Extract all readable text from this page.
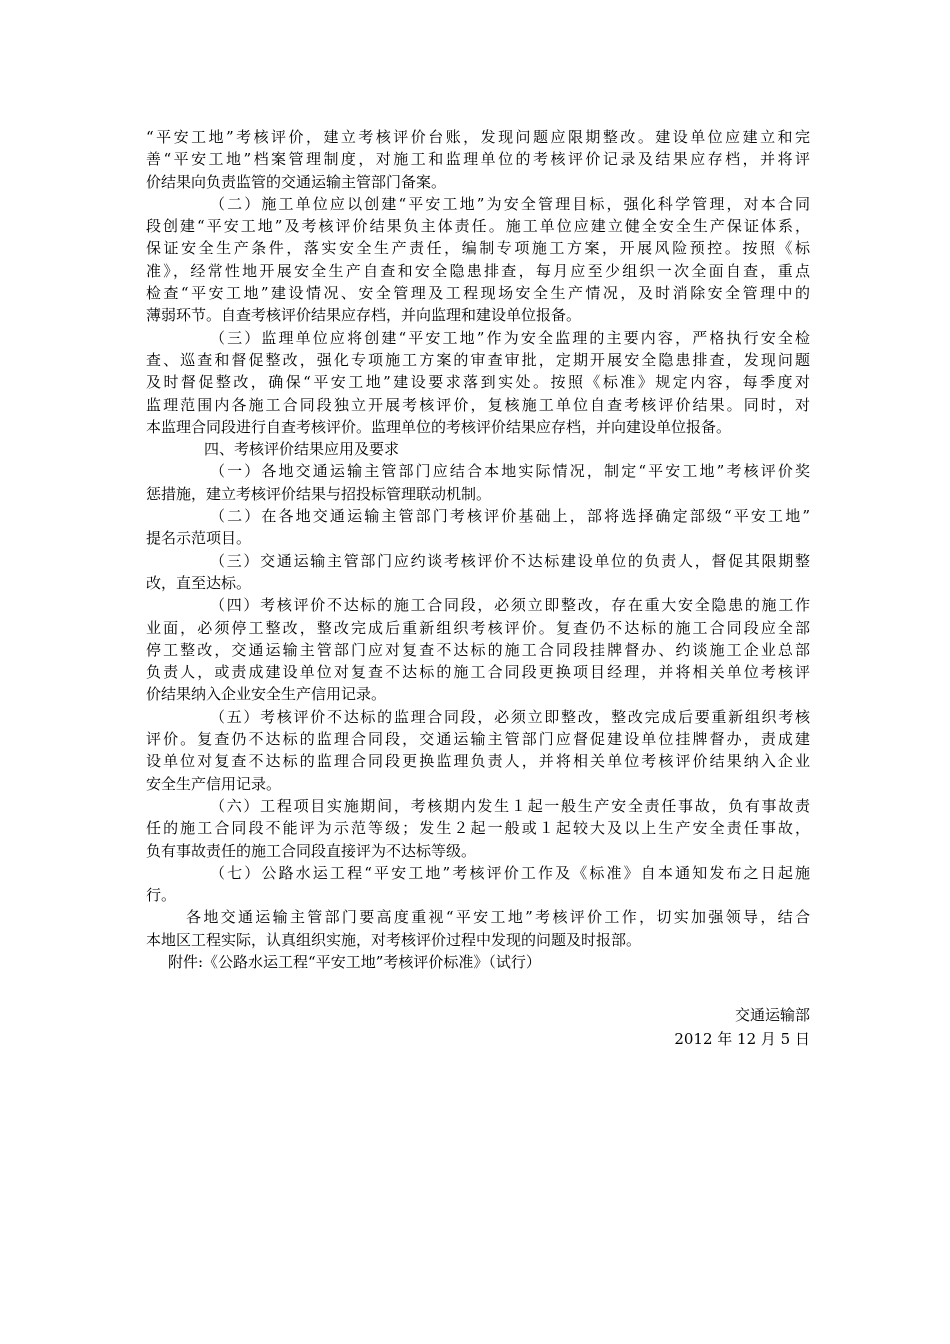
“平安工地”考核评价，建立考核评价台账，发现问题应限期整改。建设单位应建立和完
善“平安工地”档案管理制度，对施工和监理单位的考核评价记录及结果应存档，并将评
价结果向负责监管的交通运输主管部门备案。
（二）施工单位应以创建“平安工地”为安全管理目标，强化科学管理，对本合同
段创建“平安工地”及考核评价结果负主体责任。施工单位应建立健全安全生产保证体系，
保证安全生产条件，落实安全生产责任，编制专项施工方案，开展风险预控。按照《标
准》，经常性地开展安全生产自查和安全隐患排查，每月应至少组织一次全面自查，重点
检查“平安工地”建设情况、安全管理及工程现场安全生产情况，及时消除安全管理中的
薄弱环节。自查考核评价结果应存档，并向监理和建设单位报备。
（三）监理单位应将创建“平安工地”作为安全监理的主要内容，严格执行安全检
查、巡查和督促整改，强化专项施工方案的审查审批，定期开展安全隐患排查，发现问题
及时督促整改，确保“平安工地”建设要求落到实处。按照《标准》规定内容，每季度对
监理范围内各施工合同段独立开展考核评价，复核施工单位自查考核评价结果。同时，对
本监理合同段进行自查考核评价。监理单位的考核评价结果应存档，并向建设单位报备。
四、考核评价结果应用及要求
（一）各地交通运输主管部门应结合本地实际情况，制定“平安工地”考核评价奖
惩措施，建立考核评价结果与招投标管理联动机制。
（二）在各地交通运输主管部门考核评价基础上，部将选择确定部级“平安工地”
提名示范项目。
（三）交通运输主管部门应约谈考核评价不达标建设单位的负责人，督促其限期整
改，直至达标。
（四）考核评价不达标的施工合同段，必须立即整改，存在重大安全隐患的施工作
业面，必须停工整改，整改完成后重新组织考核评价。复查仍不达标的施工合同段应全部
停工整改，交通运输主管部门应对复查不达标的施工合同段挂牌督办、约谈施工企业总部
负责人，或责成建设单位对复查不达标的施工合同段更换项目经理，并将相关单位考核评
价结果纳入企业安全生产信用记录。
（五）考核评价不达标的监理合同段，必须立即整改，整改完成后要重新组织考核
评价。复查仍不达标的监理合同段，交通运输主管部门应督促建设单位挂牌督办，责成建
设单位对复查不达标的监理合同段更换监理负责人，并将相关单位考核评价结果纳入企业
安全生产信用记录。
（六）工程项目实施期间，考核期内发生１起一般生产安全责任事故，负有事故责
任的施工合同段不能评为示范等级；发生２起一般或１起较大及以上生产安全责任事故，
负有事故责任的施工合同段直接评为不达标等级。
（七）公路水运工程“平安工地”考核评价工作及《标准》自本通知发布之日起施
行。
各地交通运输主管部门要高度重视“平安工地”考核评价工作，切实加强领导，结合
本地区工程实际，认真组织实施，对考核评价过程中发现的问题及时报部。
附件:《公路水运工程“平安工地”考核评价标准》（试行）
交通运输部
2012 年 12 月 5 日
